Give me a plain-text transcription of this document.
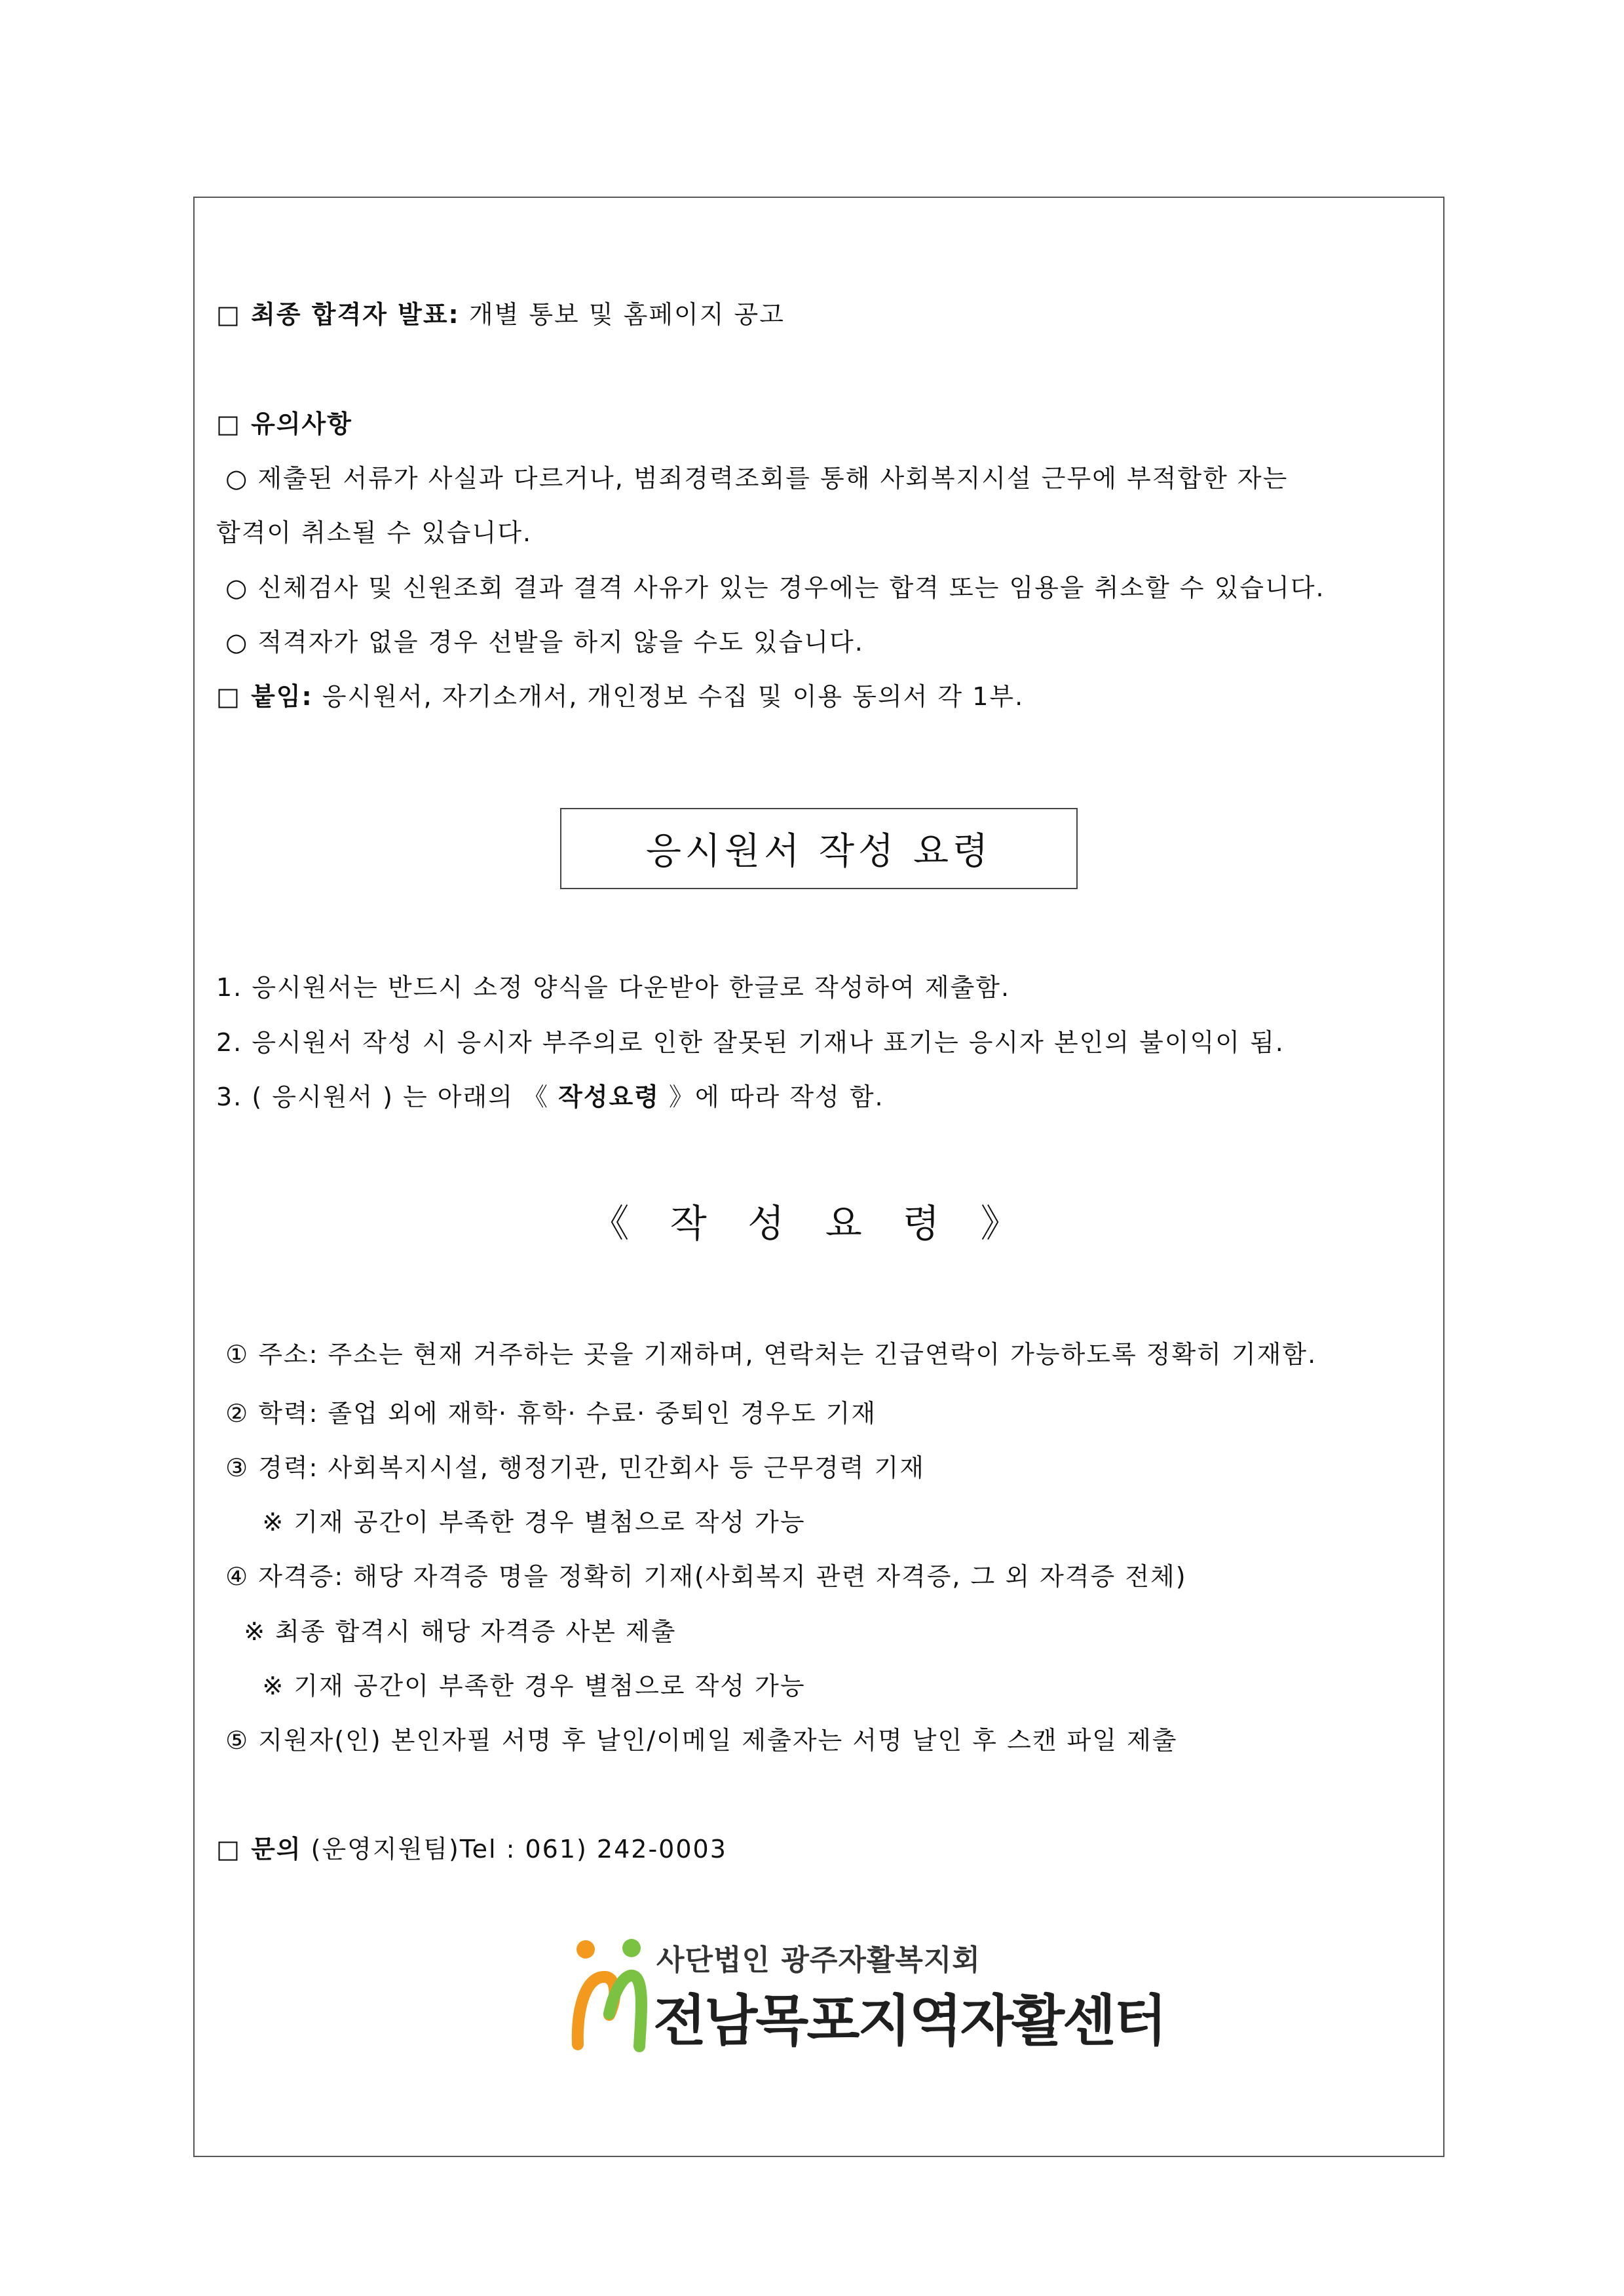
□ 최종 합격자 발표: 개별 통보 및 홈페이지 공고
□ 유의사항
○ 제출된 서류가 사실과 다르거나, 범죄경력조회를 통해 사회복지시설 근무에 부적합한 자는
합격이 취소될 수 있습니다.
○ 신체검사 및 신원조회 결과 결격 사유가 있는 경우에는 합격 또는 임용을 취소할 수 있습니다.
○ 적격자가 없을 경우 선발을 하지 않을 수도 있습니다.
□ 붙임: 응시원서, 자기소개서, 개인정보 수집 및 이용 동의서 각 1부.
응시원서 작성 요령
1. 응시원서는 반드시 소정 양식을 다운받아 한글로 작성하여 제출함.
2. 응시원서 작성 시 응시자 부주의로 인한 잘못된 기재나 표기는 응시자 본인의 불이익이 됨.
3. ( 응시원서 ) 는 아래의 《 작성요령 》에 따라 작성 함.
《 작 성 요 령 》
① 주소: 주소는 현재 거주하는 곳을 기재하며, 연락처는 긴급연락이 가능하도록 정확히 기재함.
② 학력: 졸업 외에 재학· 휴학· 수료· 중퇴인 경우도 기재
③ 경력: 사회복지시설, 행정기관, 민간회사 등 근무경력 기재
※ 기재 공간이 부족한 경우 별첨으로 작성 가능
④ 자격증: 해당 자격증 명을 정확히 기재(사회복지 관련 자격증, 그 외 자격증 전체)
※ 최종 합격시 해당 자격증 사본 제출
※ 기재 공간이 부족한 경우 별첨으로 작성 가능
⑤ 지원자(인) 본인자필 서명 후 날인/이메일 제출자는 서명 날인 후 스캔 파일 제출
□ 문의 (운영지원팀)Tel : 061) 242-0003
사단법인 광주자활복지회
전남목포지역자활센터
